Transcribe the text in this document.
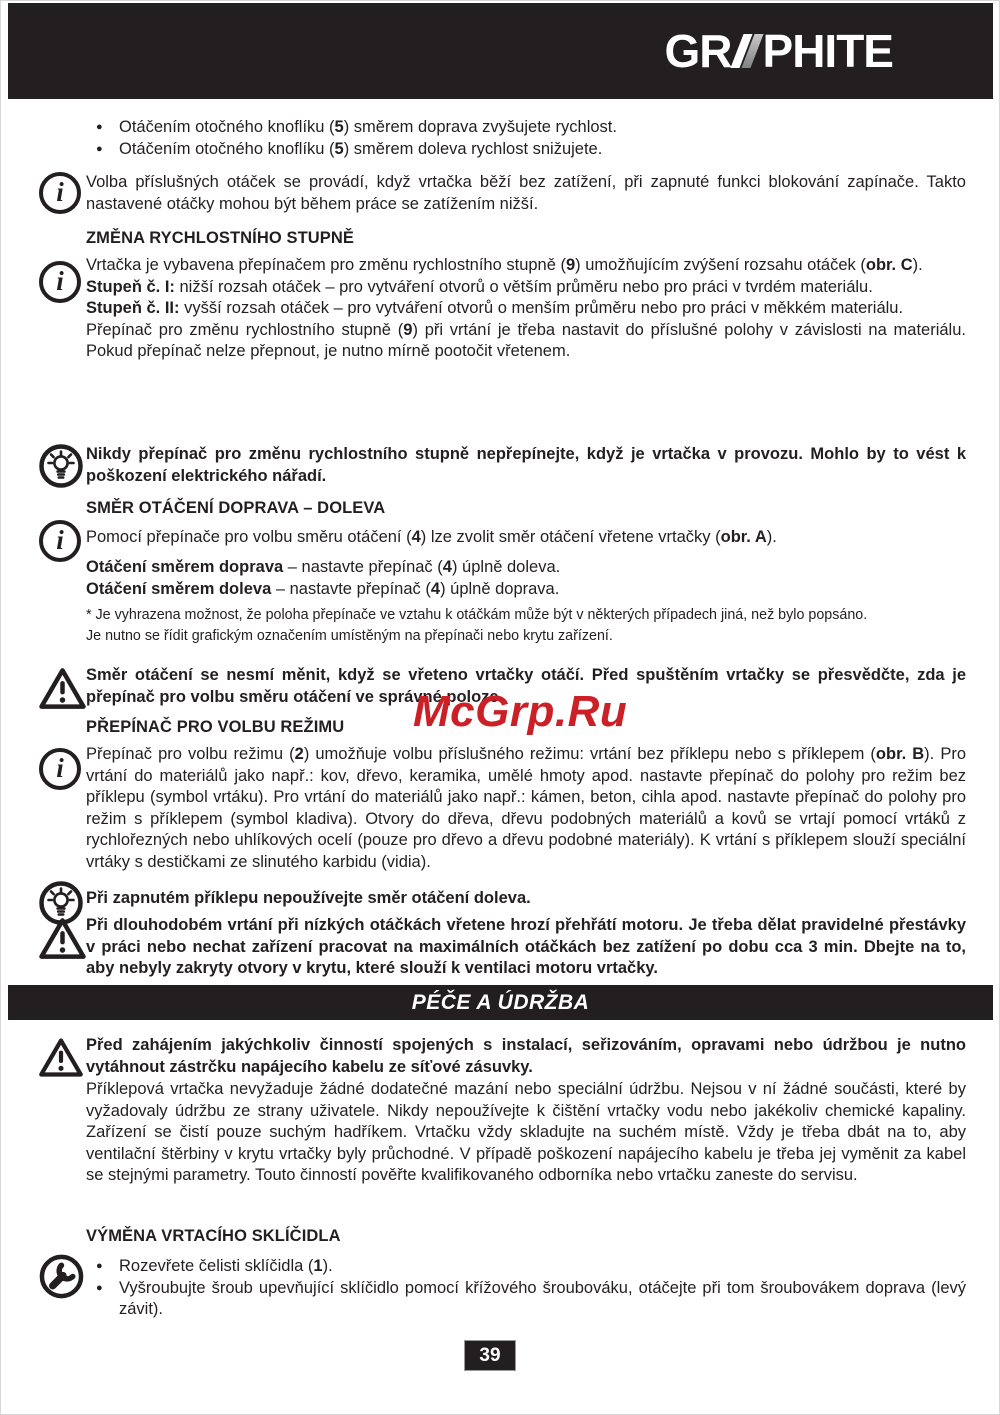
GR PHITE
● Otáčením otočného knoflíku (5) směrem doprava zvyšujete rychlost.
● Otáčením otočného knoflíku (5) směrem doleva rychlost snižujete.
i Volba příslušných otáček se provádí, když vrtačka běží bez zatížení, při zapnuté funkci blokování zapínače. Takto nastavené otáčky mohou být během práce se zatížením nižší.
ZMĚNA RYCHLOSTNÍHO STUPNĚ
i

Vrtačka je vybavena přepínačem pro změnu rychlostního stupně (9) umožňujícím zvýšení rozsahu otáček (obr. C).

Stupeň č. I: nižší rozsah otáček – pro vytváření otvorů o větším průměru nebo pro práci v tvrdém materiálu.

Stupeň č. II: vyšší rozsah otáček – pro vytváření otvorů o menším průměru nebo pro práci v měkkém materiálu.

Přepínač pro změnu rychlostního stupně (9) při vrtání je třeba nastavit do příslušné polohy v závislosti na materiálu. Pokud přepínač nelze přepnout, je nutno mírně pootočit vřetenem.

Nikdy přepínač pro změnu rychlostního stupně nepřepínejte, když je vrtačka v provozu. Mohlo by to vést k poškození elektrického nářadí.
SMĚR OTÁČENÍ DOPRAVA – DOLEVA
i Pomocí přepínače pro volbu směru otáčení (4) lze zvolit směr otáčení vřetene vrtačky (obr. A).
Otáčení směrem doprava – nastavte přepínač (4) úplně doleva.
Otáčení směrem doleva – nastavte přepínač (4) úplně doprava.
* Je vyhrazena možnost, že poloha přepínače ve vztahu k otáčkám může být v některých případech jiná, než bylo popsáno.
Je nutno se řídit grafickým označením umístěným na přepínači nebo krytu zařízení.
Směr otáčení se nesmí měnit, když se vřeteno vrtačky otáčí. Před spuštěním vrtačky se přesvědčte, zda je přepínač pro volbu směru otáčení ve správné poloze.
McGrp.Ru
PŘEPÍNAČ PRO VOLBU REŽIMU
i Přepínač pro volbu režimu (2) umožňuje volbu příslušného režimu: vrtání bez příklepu nebo s příklepem (obr. B). Pro vrtání do materiálů jako např.: kov, dřevo, keramika, umělé hmoty apod. nastavte přepínač do polohy pro režim bez příklepu (symbol vrtáku). Pro vrtání do materiálů jako např.: kámen, beton, cihla apod. nastavte přepínač do polohy pro režim s příklepem (symbol kladiva). Otvory do dřeva, dřevu podobných materiálů a kovů se vrtají pomocí vrtáků z rychlořezných nebo uhlíkových ocelí (pouze pro dřevo a dřevu podobné materiály). K vrtání s příklepem slouží speciální vrtáky s destičkami ze slinutého karbidu (vidia).
Při zapnutém příklepu nepoužívejte směr otáčení doleva.
Při dlouhodobém vrtání při nízkých otáčkách vřetene hrozí přehřátí motoru. Je třeba dělat pravidelné přestávky v práci nebo nechat zařízení pracovat na maximálních otáčkách bez zatížení po dobu cca 3 min. Dbejte na to, aby nebyly zakryty otvory v krytu, které slouží k ventilaci motoru vrtačky.
PÉČE A ÚDRŽBA
Před zahájením jakýchkoliv činností spojených s instalací, seřizováním, opravami nebo údržbou je nutno vytáhnout zástrčku napájecího kabelu ze síťové zásuvky.
Příklepová vrtačka nevyžaduje žádné dodatečné mazání nebo speciální údržbu. Nejsou v ní žádné součásti, které by vyžadovaly údržbu ze strany uživatele. Nikdy nepoužívejte k čištění vrtačky vodu nebo jakékoliv chemické kapaliny. Zařízení se čistí pouze suchým hadříkem. Vrtačku vždy skladujte na suchém místě. Vždy je třeba dbát na to, aby ventilační štěrbiny v krytu vrtačky byly průchodné. V případě poškození napájecího kabelu je třeba jej vyměnit za kabel se stejnými parametry. Touto činností pověřte kvalifikovaného odborníka nebo vrtačku zaneste do servisu.
VÝMĚNA VRTACÍHO SKLÍČIDLA
● Rozevřete čelisti sklíčidla (1).
● Vyšroubujte šroub upevňující sklíčidlo pomocí křížového šroubováku, otáčejte při tom šroubovákem doprava (levý závit).
39
